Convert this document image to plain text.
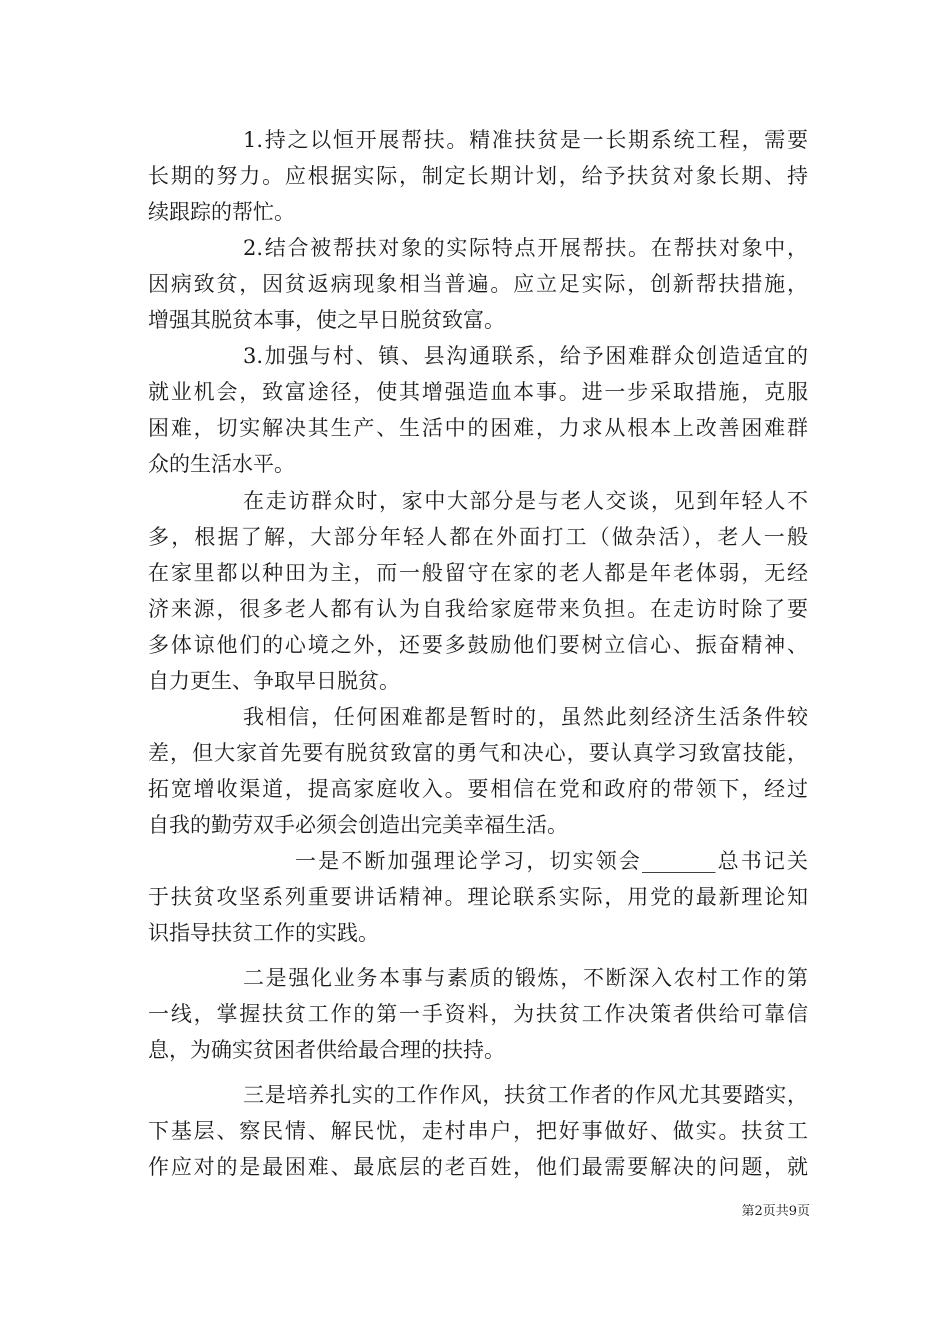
1.持之以恒开展帮扶。精准扶贫是一长期系统工程，需要
长期的努力。应根据实际，制定长期计划，给予扶贫对象长期、持
续跟踪的帮忙。
2.结合被帮扶对象的实际特点开展帮扶。在帮扶对象中，
因病致贫，因贫返病现象相当普遍。应立足实际，创新帮扶措施，
增强其脱贫本事，使之早日脱贫致富。
3.加强与村、镇、县沟通联系，给予困难群众创造适宜的
就业机会，致富途径，使其增强造血本事。进一步采取措施，克服
困难，切实解决其生产、生活中的困难，力求从根本上改善困难群
众的生活水平。
在走访群众时，家中大部分是与老人交谈，见到年轻人不
多，根据了解，大部分年轻人都在外面打工（做杂活），老人一般
在家里都以种田为主，而一般留守在家的老人都是年老体弱，无经
济来源，很多老人都有认为自我给家庭带来负担。在走访时除了要
多体谅他们的心境之外，还要多鼓励他们要树立信心、振奋精神、
自力更生、争取早日脱贫。
我相信，任何困难都是暂时的，虽然此刻经济生活条件较
差，但大家首先要有脱贫致富的勇气和决心，要认真学习致富技能，
拓宽增收渠道，提高家庭收入。要相信在党和政府的带领下，经过
自我的勤劳双手必须会创造出完美幸福生活。
一是不断加强理论学习，切实领会_______总书记关
于扶贫攻坚系列重要讲话精神。理论联系实际，用党的最新理论知
识指导扶贫工作的实践。
二是强化业务本事与素质的锻炼，不断深入农村工作的第
一线，掌握扶贫工作的第一手资料，为扶贫工作决策者供给可靠信
息，为确实贫困者供给最合理的扶持。
三是培养扎实的工作作风，扶贫工作者的作风尤其要踏实，
下基层、察民情、解民忧，走村串户，把好事做好、做实。扶贫工
作应对的是最困难、最底层的老百姓，他们最需要解决的问题，就
第2页共9页
